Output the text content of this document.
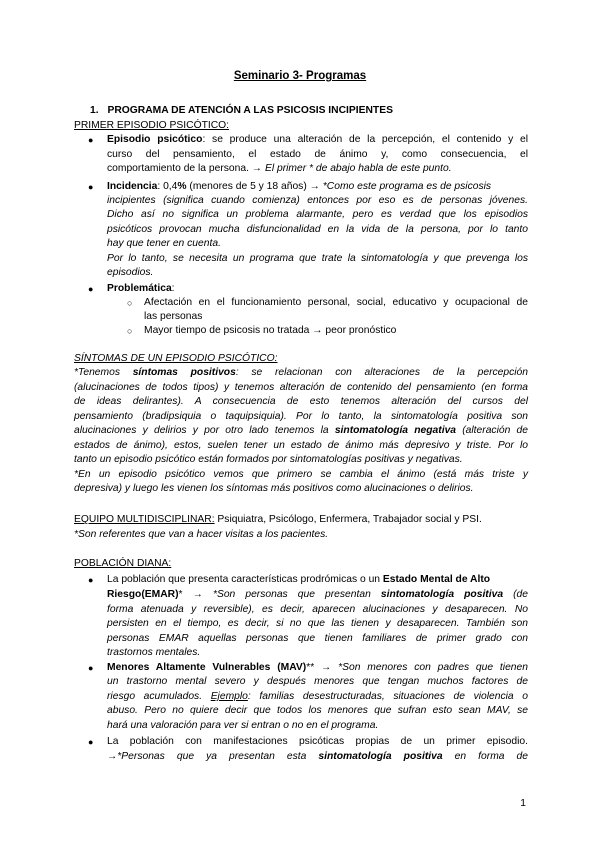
Seminario 3- Programas
1. PROGRAMA DE ATENCIÓN A LAS PSICOSIS INCIPIENTES
PRIMER EPISODIO PSICÓTICO:
● Episodio psicótico: se produce una alteración de la percepción, el contenido y el
curso del pensamiento, el estado de ánimo y, como consecuencia, el
comportamiento de la persona. → El primer * de abajo habla de este punto.
● Incidencia: 0,4% (menores de 5 y 18 años) → *Como este programa es de psicosis
incipientes (significa cuando comienza) entonces por eso es de personas jóvenes.
Dicho así no significa un problema alarmante, pero es verdad que los episodios
psicóticos provocan mucha disfuncionalidad en la vida de la persona, por lo tanto
hay que tener en cuenta.
Por lo tanto, se necesita un programa que trate la sintomatología y que prevenga los
episodios.
● Problemática:
○ Afectación en el funcionamiento personal, social, educativo y ocupacional de
las personas
○ Mayor tiempo de psicosis no tratada → peor pronóstico
SÍNTOMAS DE UN EPISODIO PSICÓTICO:
*Tenemos síntomas positivos: se relacionan con alteraciones de la percepción
(alucinaciones de todos tipos) y tenemos alteración de contenido del pensamiento (en forma
de ideas delirantes). A consecuencia de esto tenemos alteración del cursos del
pensamiento (bradipsiquia o taquipsiquia). Por lo tanto, la sintomatología positiva son
alucinaciones y delirios y por otro lado tenemos la sintomatología negativa (alteración de
estados de ánimo), estos, suelen tener un estado de ánimo más depresivo y triste. Por lo
tanto un episodio psicótico están formados por sintomatologías positivas y negativas.
*En un episodio psicótico vemos que primero se cambia el ánimo (está más triste y
depresiva) y luego les vienen los síntomas más positivos como alucinaciones o delirios.
EQUIPO MULTIDISCIPLINAR: Psiquiatra, Psicólogo, Enfermera, Trabajador social y PSI.
*Son referentes que van a hacer visitas a los pacientes.
POBLACIÓN DIANA:
● La población que presenta características prodrómicas o un Estado Mental de Alto
Riesgo(EMAR)* → *Son personas que presentan sintomatología positiva (de
forma atenuada y reversible), es decir, aparecen alucinaciones y desaparecen. No
persisten en el tiempo, es decir, si no que las tienen y desaparecen. También son
personas EMAR aquellas personas que tienen familiares de primer grado con
trastornos mentales.
● Menores Altamente Vulnerables (MAV)** → *Son menores con padres que tienen
un trastorno mental severo y después menores que tengan muchos factores de
riesgo acumulados. Ejemplo: familias desestructuradas, situaciones de violencia o
abuso. Pero no quiere decir que todos los menores que sufran esto sean MAV, se
hará una valoración para ver si entran o no en el programa.
● La población con manifestaciones psicóticas propias de un primer episodio.
→*Personas que ya presentan esta sintomatología positiva en forma de
1
